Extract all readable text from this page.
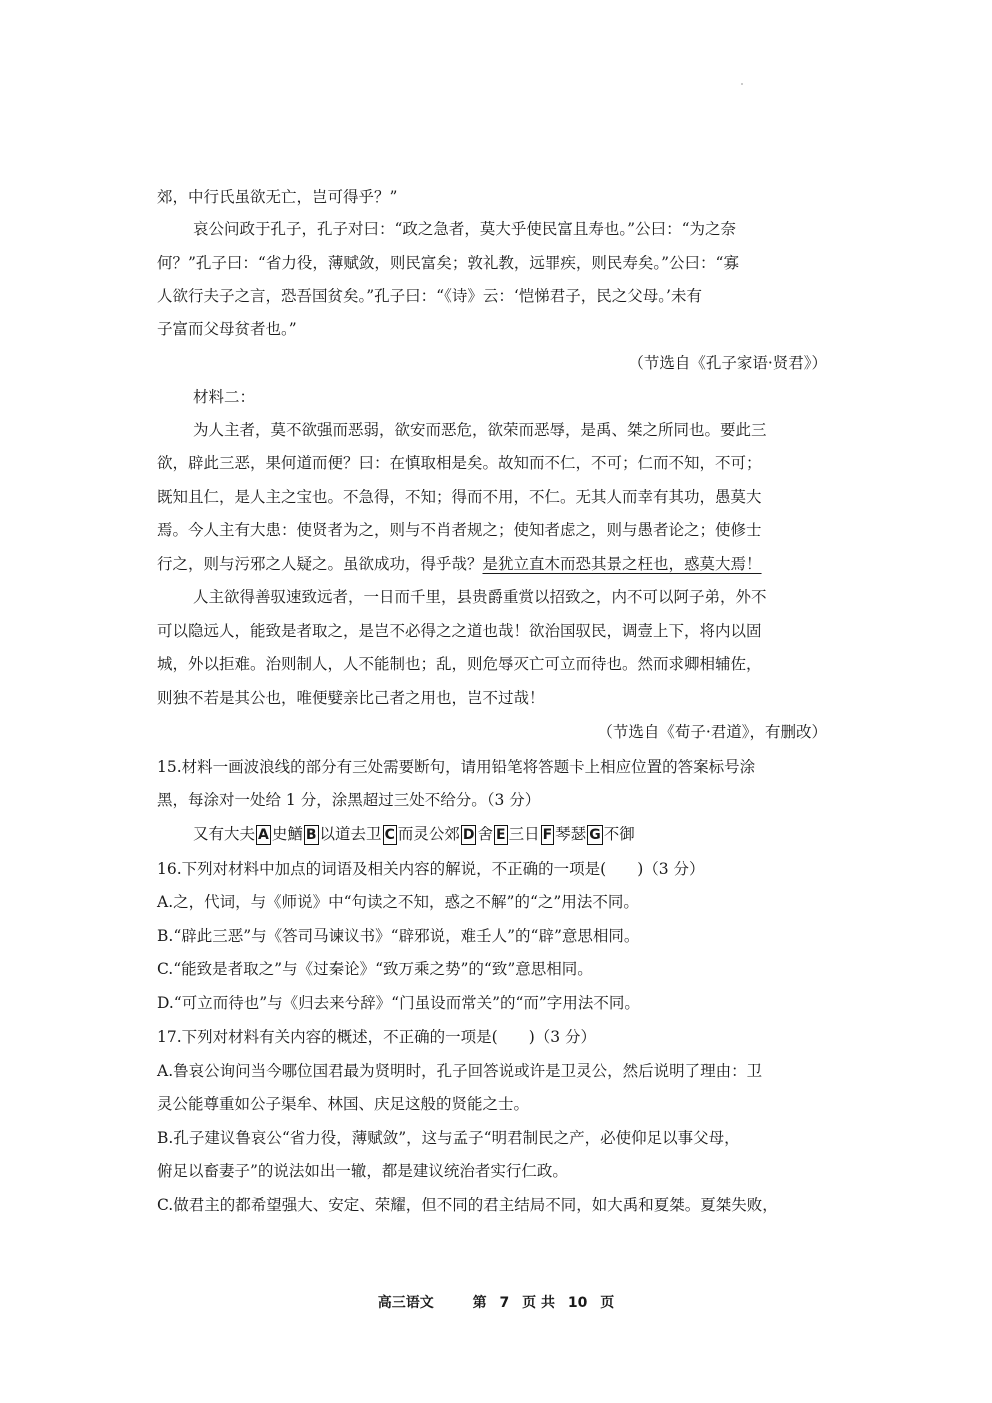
郊，中行氏虽欲无亡，岂可得乎？”
哀公问政于孔子，孔子对曰：“政之急者，莫大乎使民富且寿也。”公曰：“为之奈
何？”孔子曰：“省力役，薄赋敛，则民富矣；敦礼教，远罪疾，则民寿矣。”公曰：“寡
人欲行夫子之言，恐吾国贫矣。”孔子曰：“《诗》云：‘恺悌君子，民之父母。’未有
子富而父母贫者也。”
材料二：
为人主者，莫不欲强而恶弱，欲安而恶危，欲荣而恶辱，是禹、桀之所同也。要此三
欲，辟此三恶，果何道而便？曰：在慎取相是矣。故知而不仁，不可；仁而不知，不可；
既知且仁，是人主之宝也。不急得，不知；得而不用，不仁。无其人而幸有其功，愚莫大
焉。今人主有大患：使贤者为之，则与不肖者规之；使知者虑之，则与愚者论之；使修士
人主欲得善驭速致远者，一日而千里，县贵爵重赏以招致之，内不可以阿子弟，外不
可以隐远人，能致是者取之，是岂不必得之之道也哉！欲治国驭民，调壹上下，将内以固
城，外以拒难。治则制人，人不能制也；乱，则危辱灭亡可立而待也。然而求卿相辅佐，
则独不若是其公也，唯便嬖亲比己者之用也，岂不过哉！
15.材料一画波浪线的部分有三处需要断句，请用铅笔将答题卡上相应位置的答案标号涂
黑，每涂对一处给 1 分，涂黑超过三处不给分。（3 分）
16.下列对材料中加点的词语及相关内容的解说，不正确的一项是(　　)（3 分）
A.之，代词，与《师说》中“句读之不知，惑之不解”的“之”用法不同。
B.“辟此三恶”与《答司马谏议书》“辟邪说，难壬人”的“辟”意思相同。
C.“能致是者取之”与《过秦论》“致万乘之势”的“致”意思相同。
D.“可立而待也”与《归去来兮辞》“门虽设而常关”的“而”字用法不同。
17.下列对材料有关内容的概述，不正确的一项是(　　)（3 分）
A.鲁哀公询问当今哪位国君最为贤明时，孔子回答说或许是卫灵公，然后说明了理由：卫
灵公能尊重如公子渠牟、林国、庆足这般的贤能之士。
B.孔子建议鲁哀公“省力役，薄赋敛”，这与孟子“明君制民之产，必使仰足以事父母，
俯足以畜妻子”的说法如出一辙，都是建议统治者实行仁政。
C.做君主的都希望强大、安定、荣耀，但不同的君主结局不同，如大禹和夏桀。夏桀失败，
（节选自《孔子家语·贤君》）
行之，则与污邪之人疑之。虽欲成功，得乎哉？是犹立直木而恐其景之枉也，惑莫大焉！
（节选自《荀子·君道》，有删改）
又有大夫 A 史鰌 B 以道去卫 C 而灵公郊 D 舍 E 三日 F 琴瑟 G 不御
高三语文	第 7 页 共 10 页
